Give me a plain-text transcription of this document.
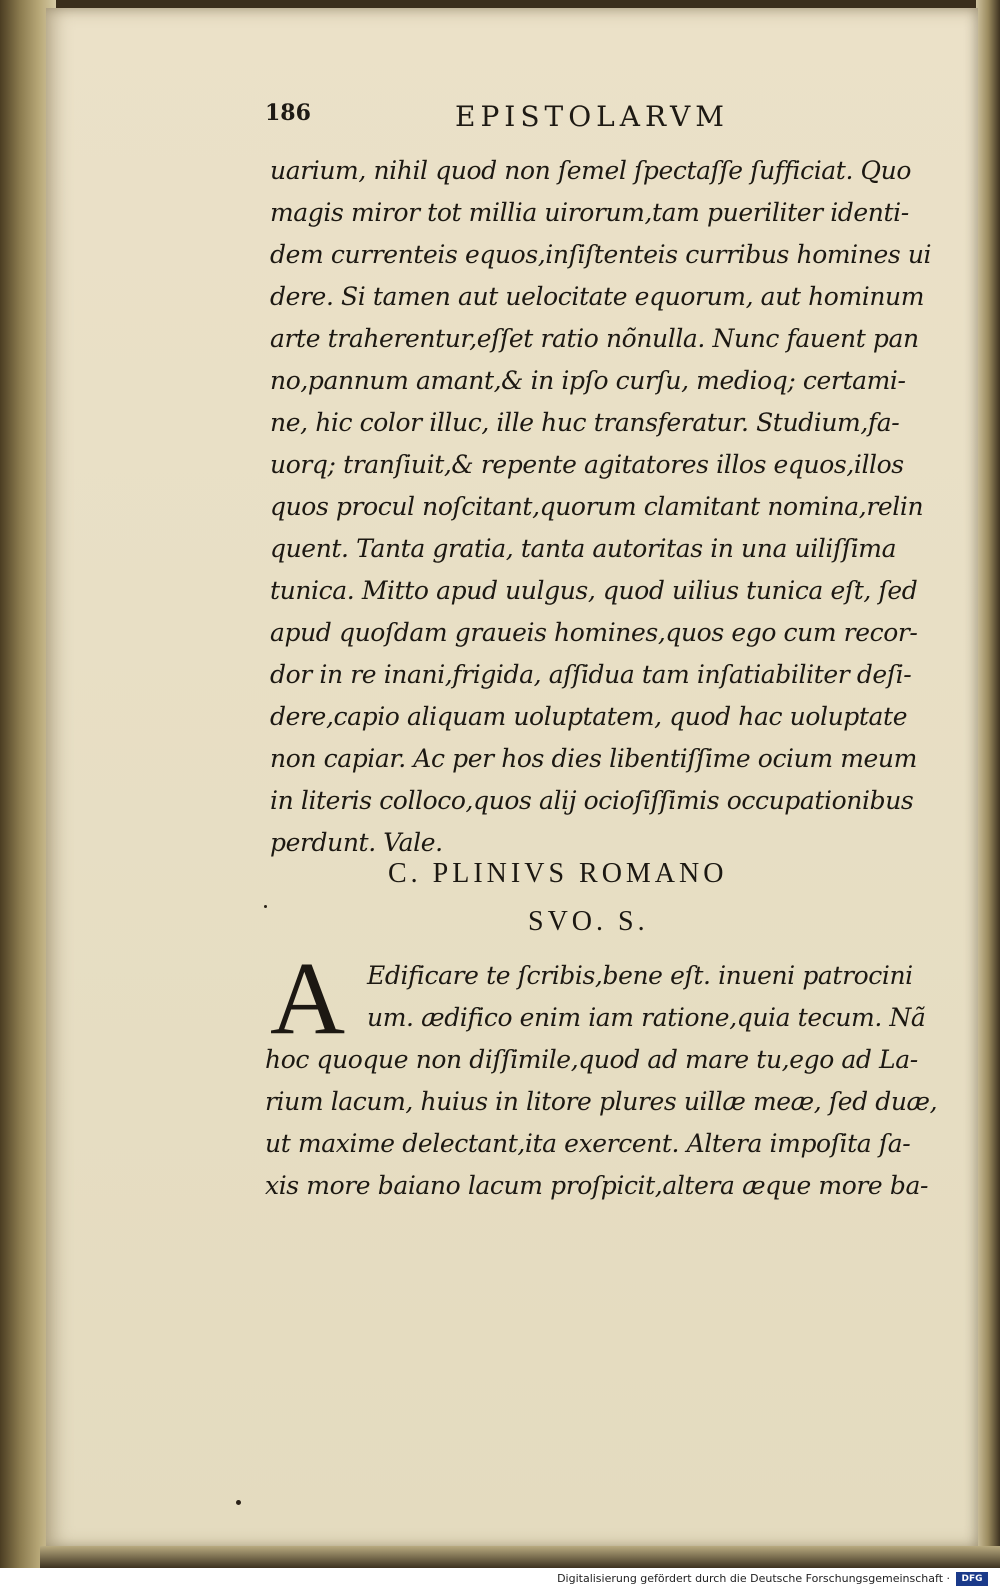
186	EPISTOLARVM
uarium, nihil quod non ſemel ſpectaſſe ſufficiat. Quo
magis miror tot millia uirorum,tam pueriliter identi-
dem currenteis equos,inſiſtenteis curribus homines ui
dere. Si tamen aut uelocitate equorum, aut hominum
arte traherentur,eſſet ratio nõnulla. Nunc fauent pan
no,pannum amant,& in ipſo curſu, medioq; certami-
ne, hic color illuc, ille huc transferatur. Studium,fa-
uorq; tranſiuit,& repente agitatores illos equos,illos
quos procul noſcitant,quorum clamitant nomina,relin
quent. Tanta gratia, tanta autoritas in una uiliſſima
tunica. Mitto apud uulgus, quod uilius tunica eſt, ſed
apud quoſdam graueis homines,quos ego cum recor-
dor in re inani,frigida, aſſidua tam inſatiabiliter deſi-
dere,capio aliquam uoluptatem, quod hac uoluptate
non capiar. Ac per hos dies libentiſſime ocium meum
in literis colloco,quos alij ocioſiſſimis occupationibus
perdunt. Vale.
C. PLINIVS ROMANO
SVO. S.
A Edificare te ſcribis,bene eſt. inueni patrocini
um. ædifico enim iam ratione,quia tecum. Nã
hoc quoque non diſſimile,quod ad mare tu,ego ad La-
rium lacum, huius in litore plures uillæ meæ, ſed duæ,
ut maxime delectant,ita exercent. Altera impoſita ſa-
xis more baiano lacum proſpicit,altera æque more ba-
Digitalisierung gefördert durch die Deutsche Forschungsgemeinschaft ·	DFG
